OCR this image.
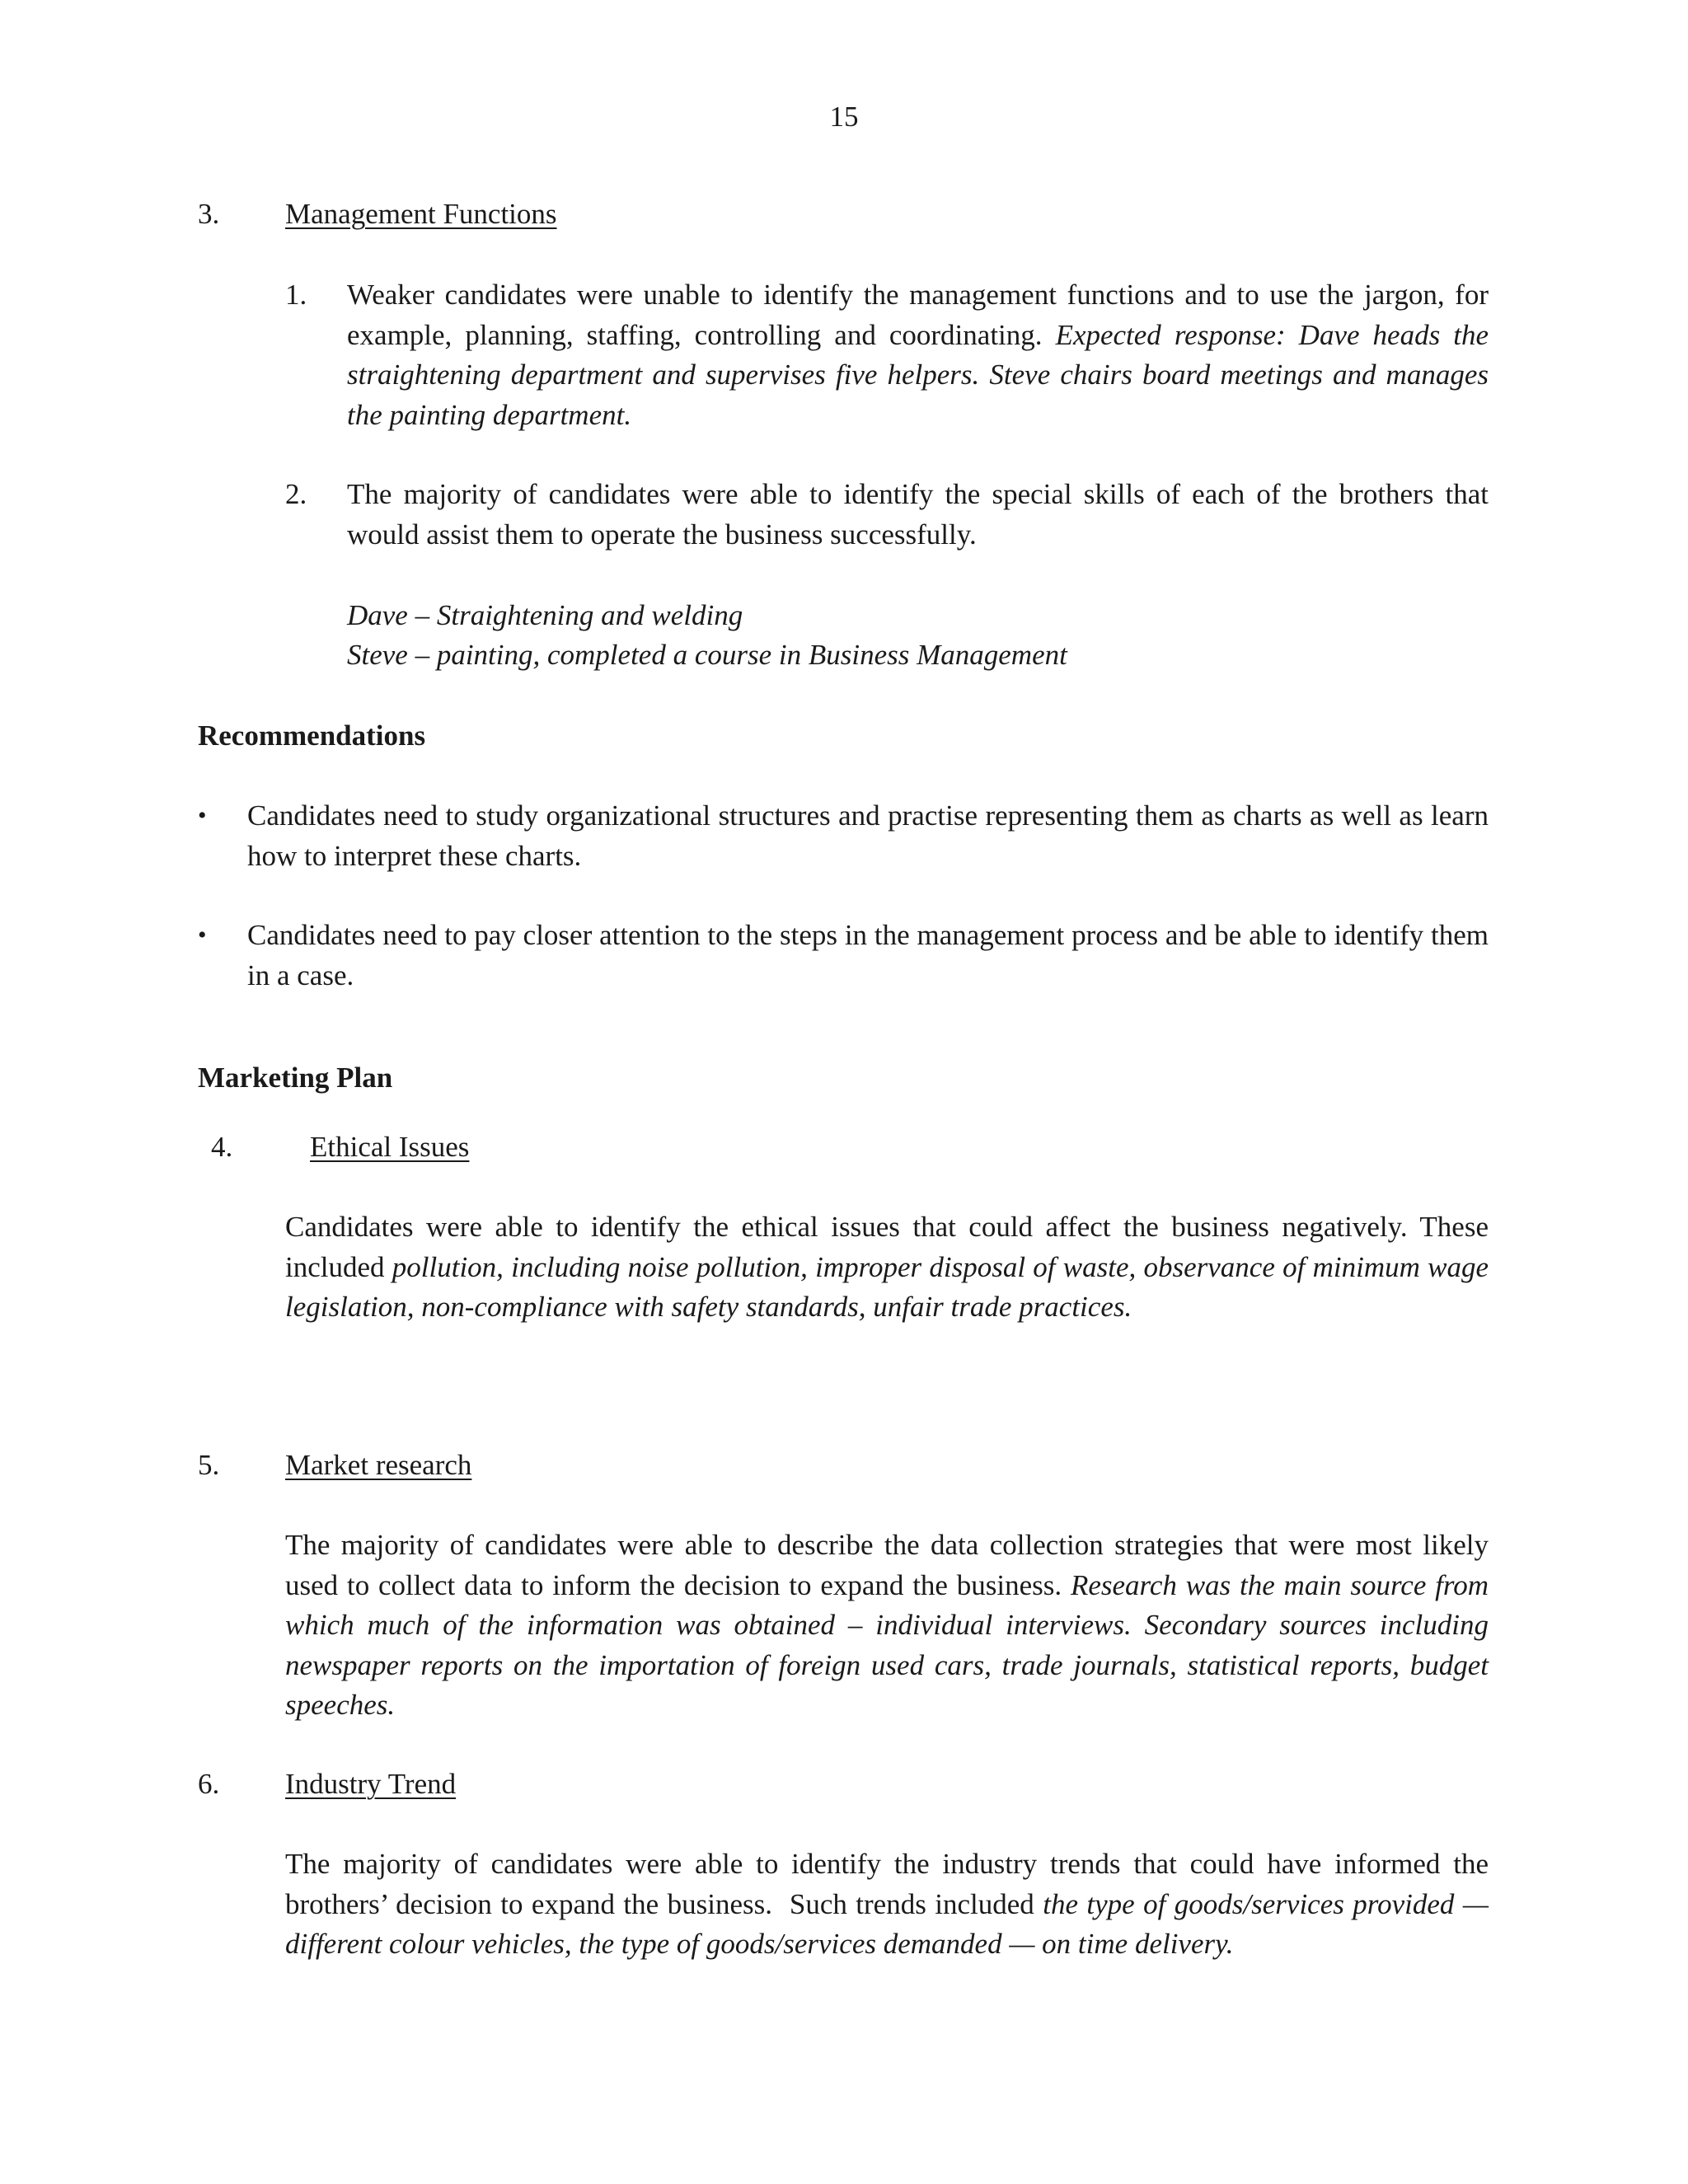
15
3. Management Functions
1. Weaker candidates were unable to identify the management functions and to use the jargon, for example, planning, staffing, controlling and coordinating. Expected response: Dave heads the straightening department and supervises five helpers. Steve chairs board meetings and manages the painting department.
2. The majority of candidates were able to identify the special skills of each of the brothers that would assist them to operate the business successfully.
Dave – Straightening and welding
Steve – painting, completed a course in Business Management
Recommendations
• Candidates need to study organizational structures and practise representing them as charts as well as learn how to interpret these charts.
• Candidates need to pay closer attention to the steps in the management process and be able to identify them in a case.
Marketing Plan
4.	Ethical Issues
Candidates were able to identify the ethical issues that could affect the business negatively. These included pollution, including noise pollution, improper disposal of waste, observance of minimum wage legislation, non-compliance with safety standards, unfair trade practices.
5. Market research
The majority of candidates were able to describe the data collection strategies that were most likely used to collect data to inform the decision to expand the business. Research was the main source from which much of the information was obtained – individual interviews. Secondary sources including newspaper reports on the importation of foreign used cars, trade journals, statistical reports, budget speeches.
6. Industry Trend
The majority of candidates were able to identify the industry trends that could have informed the brothers’ decision to expand the business.  Such trends included the type of goods/services provided — different colour vehicles, the type of goods/services demanded — on time delivery.
